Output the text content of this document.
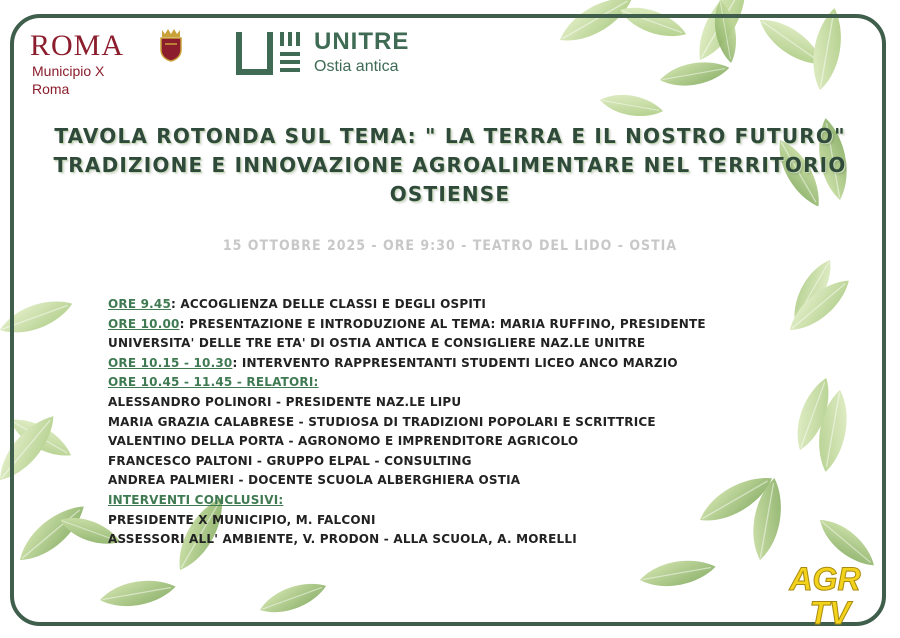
ROMA
Municipio X
Roma
UNITRE
Ostia antica
TAVOLA ROTONDA SUL TEMA: " LA TERRA E IL NOSTRO FUTURO"
TRADIZIONE E INNOVAZIONE AGROALIMENTARE NEL TERRITORIO
OSTIENSE
15 OTTOBRE 2025 - ORE 9:30 - TEATRO DEL LIDO - OSTIA
ORE 9.45: ACCOGLIENZA DELLE CLASSI E DEGLI OSPITI
ORE 10.00: PRESENTAZIONE E INTRODUZIONE AL TEMA: MARIA RUFFINO, PRESIDENTE
UNIVERSITA' DELLE TRE ETA' DI OSTIA ANTICA E CONSIGLIERE NAZ.LE UNITRE
ORE 10.15 - 10.30: INTERVENTO RAPPRESENTANTI STUDENTI LICEO ANCO MARZIO
ORE 10.45 - 11.45 - RELATORI:
ALESSANDRO POLINORI - PRESIDENTE NAZ.LE LIPU
MARIA GRAZIA CALABRESE - STUDIOSA DI TRADIZIONI POPOLARI E SCRITTRICE
VALENTINO DELLA PORTA - AGRONOMO E IMPRENDITORE AGRICOLO
FRANCESCO PALTONI - GRUPPO ELPAL - CONSULTING
ANDREA PALMIERI - DOCENTE SCUOLA ALBERGHIERA OSTIA
INTERVENTI CONCLUSIVI:
PRESIDENTE X MUNICIPIO, M. FALCONI
ASSESSORI ALL' AMBIENTE, V. PRODON - ALLA SCUOLA, A. MORELLI
AGR
TV
